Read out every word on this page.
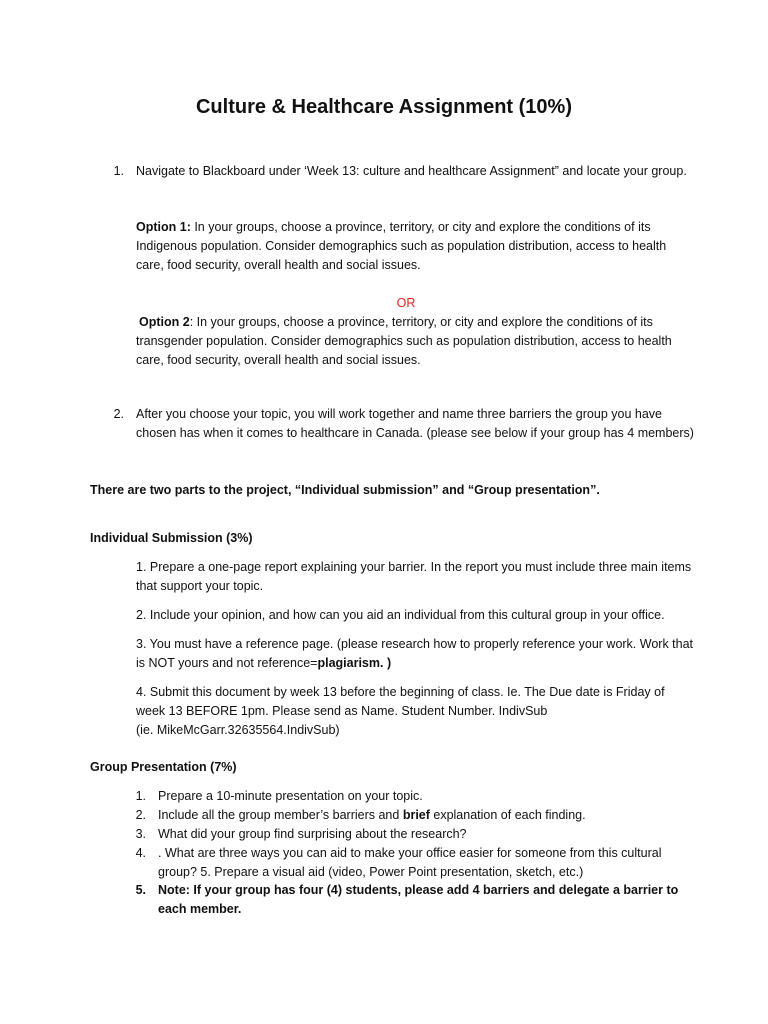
Culture & Healthcare Assignment (10%)
1. Navigate to Blackboard under ‘Week 13: culture and healthcare Assignment” and locate your group.
Option 1: In your groups, choose a province, territory, or city and explore the conditions of its Indigenous population. Consider demographics such as population distribution, access to health care, food security, overall health and social issues.
OR
Option 2: In your groups, choose a province, territory, or city and explore the conditions of its transgender population. Consider demographics such as population distribution, access to health care, food security, overall health and social issues.
2. After you choose your topic, you will work together and name three barriers the group you have chosen has when it comes to healthcare in Canada. (please see below if your group has 4 members)
There are two parts to the project, “Individual submission” and “Group presentation”.
Individual Submission (3%)
1. Prepare a one-page report explaining your barrier. In the report you must include three main items that support your topic.
2. Include your opinion, and how can you aid an individual from this cultural group in your office.
3. You must have a reference page. (please research how to properly reference your work. Work that is NOT yours and not reference=plagiarism. )
4. Submit this document by week 13 before the beginning of class. Ie. The Due date is Friday of week 13 BEFORE 1pm. Please send as Name. Student Number. IndivSub
(ie. MikeMcGarr.32635564.IndivSub)
Group Presentation (7%)
1. Prepare a 10-minute presentation on your topic.
2. Include all the group member’s barriers and brief explanation of each finding.
3. What did your group find surprising about the research?
4. . What are three ways you can aid to make your office easier for someone from this cultural group? 5. Prepare a visual aid (video, Power Point presentation, sketch, etc.)
5. Note: If your group has four (4) students, please add 4 barriers and delegate a barrier to each member.
